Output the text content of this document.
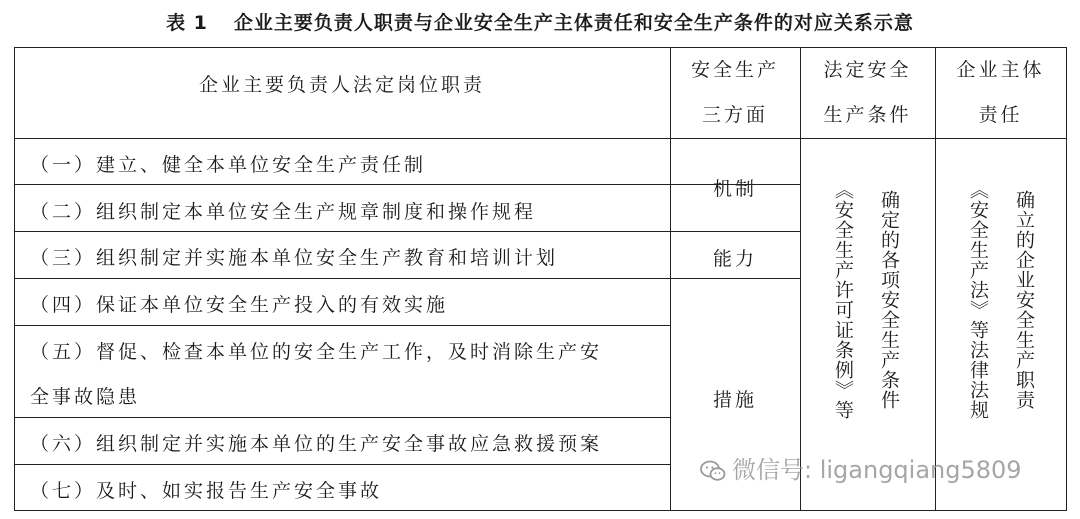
表 1 企业主要负责人职责与企业安全生产主体责任和安全生产条件的对应关系示意
企业主要负责人法定岗位职责
安全生产
三方面
法定安全
生产条件
企业主体
责任
（一）建立、健全本单位安全生产责任制
（二）组织制定本单位安全生产规章制度和操作规程
（三）组织制定并实施本单位安全生产教育和培训计划
（四）保证本单位安全生产投入的有效实施
（五）督促、检查本单位的安全生产工作，及时消除生产安
全事故隐患
（六）组织制定并实施本单位的生产安全事故应急救援预案
（七）及时、如实报告生产安全事故
机制
能力
措施	确定的各项安全生产条件
《安全生产许可证条例》等	确立的企业安全生产职责
《安全生产法》等法律法规
微信号: ligangqiang5809
